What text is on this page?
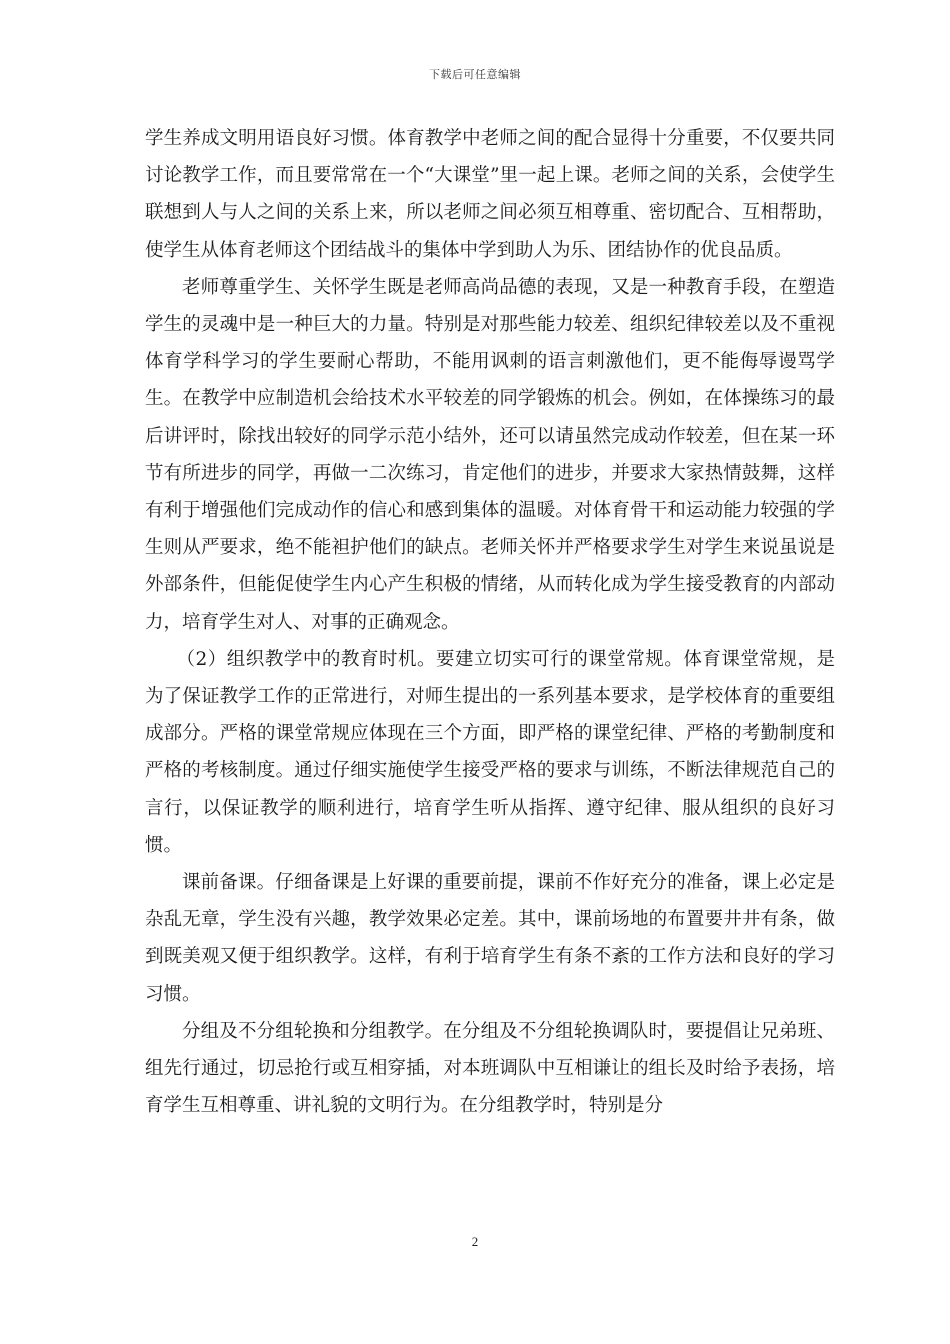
下载后可任意编辑

学生养成文明用语良好习惯。体育教学中老师之间的配合显得十分重要，不仅要共同讨论教学工作，而且要常常在一个“大课堂”里一起上课。老师之间的关系，会使学生联想到人与人之间的关系上来，所以老师之间必须互相尊重、密切配合、互相帮助，使学生从体育老师这个团结战斗的集体中学到助人为乐、团结协作的优良品质。

老师尊重学生、关怀学生既是老师高尚品德的表现，又是一种教育手段，在塑造学生的灵魂中是一种巨大的力量。特别是对那些能力较差、组织纪律较差以及不重视体育学科学习的学生要耐心帮助，不能用讽刺的语言刺激他们，更不能侮辱谩骂学生。在教学中应制造机会给技术水平较差的同学锻炼的机会。例如，在体操练习的最后讲评时，除找出较好的同学示范小结外，还可以请虽然完成动作较差，但在某一环节有所进步的同学，再做一二次练习，肯定他们的进步，并要求大家热情鼓舞，这样有利于增强他们完成动作的信心和感到集体的温暖。对体育骨干和运动能力较强的学生则从严要求，绝不能袒护他们的缺点。老师关怀并严格要求学生对学生来说虽说是外部条件，但能促使学生内心产生积极的情绪，从而转化成为学生接受教育的内部动力，培育学生对人、对事的正确观念。

（2）组织教学中的教育时机。要建立切实可行的课堂常规。体育课堂常规，是为了保证教学工作的正常进行，对师生提出的一系列基本要求，是学校体育的重要组成部分。严格的课堂常规应体现在三个方面，即严格的课堂纪律、严格的考勤制度和严格的考核制度。通过仔细实施使学生接受严格的要求与训练，不断法律规范自己的言行，以保证教学的顺利进行，培育学生听从指挥、遵守纪律、服从组织的良好习惯。

课前备课。仔细备课是上好课的重要前提，课前不作好充分的准备，课上必定是杂乱无章，学生没有兴趣，教学效果必定差。其中，课前场地的布置要井井有条，做到既美观又便于组织教学。这样，有利于培育学生有条不紊的工作方法和良好的学习习惯。

分组及不分组轮换和分组教学。在分组及不分组轮换调队时，要提倡让兄弟班、组先行通过，切忌抢行或互相穿插，对本班调队中互相谦让的组长及时给予表扬，培育学生互相尊重、讲礼貌的文明行为。在分组教学时，特别是分

2
